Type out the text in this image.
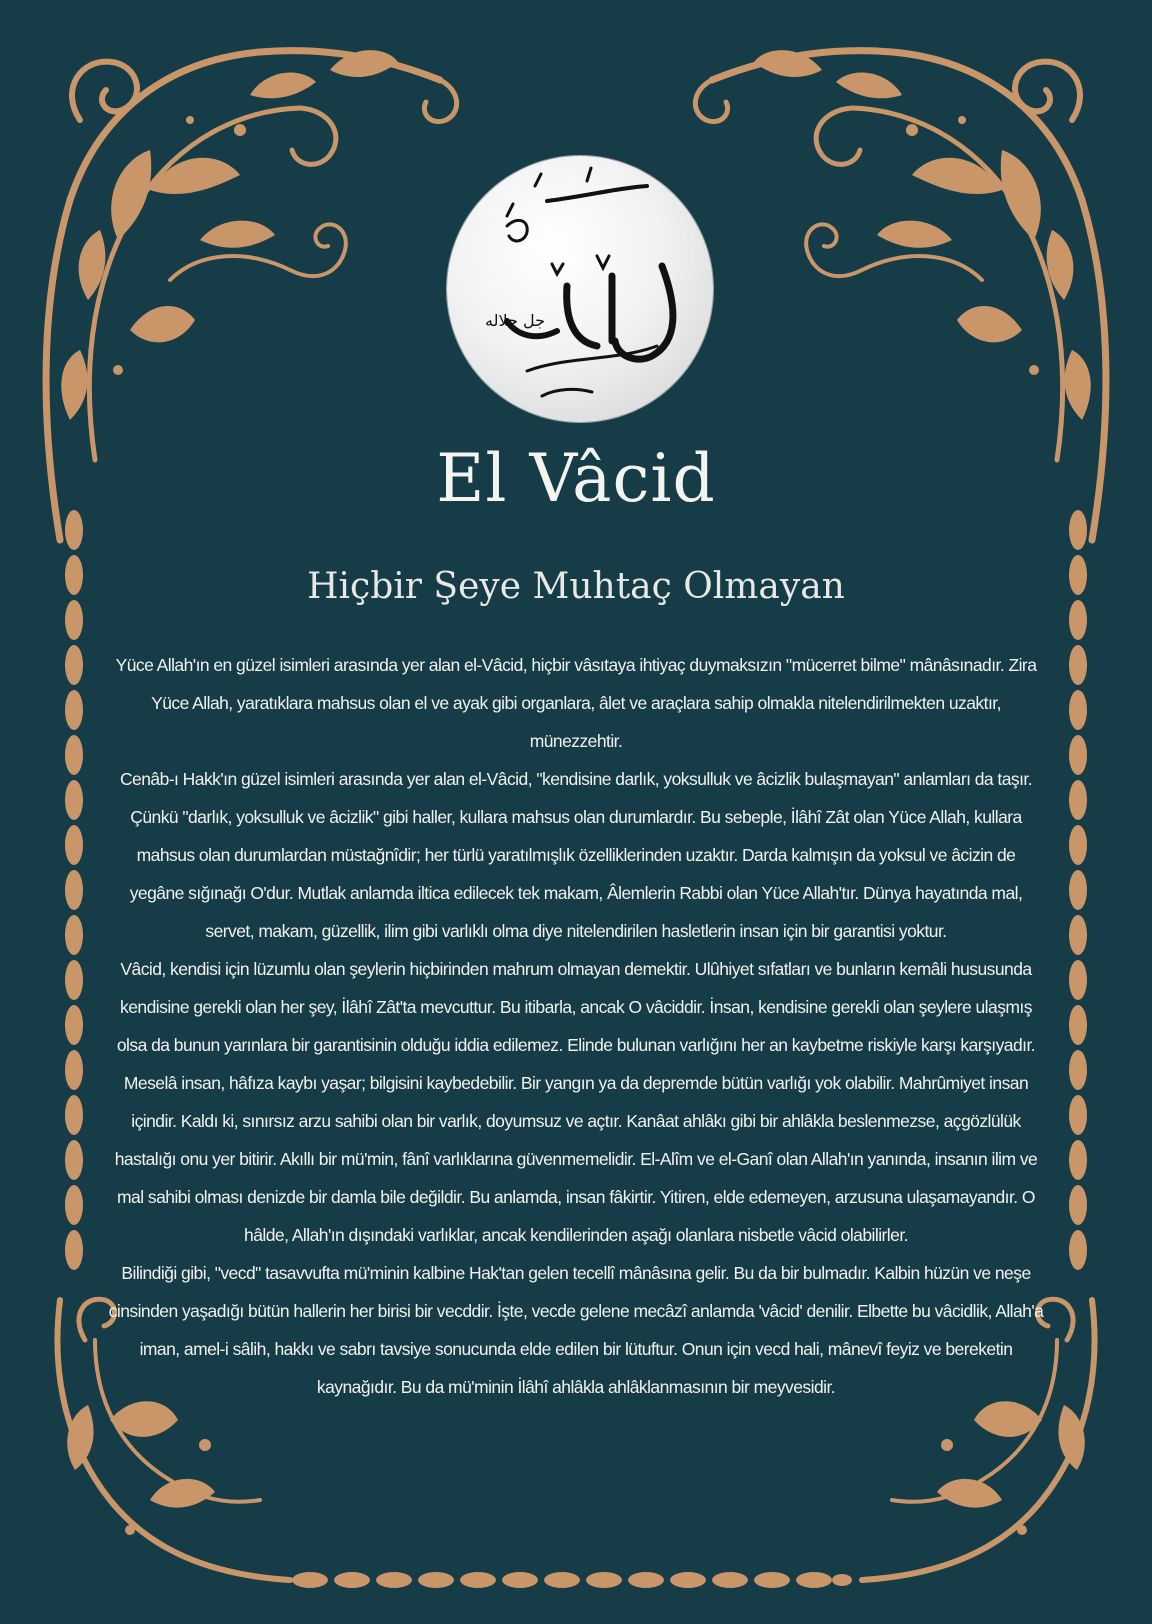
جل جلاله
El Vâcid
Hiçbir Şeye Muhtaç Olmayan

Yüce Allah'ın en güzel isimleri arasında yer alan el-Vâcid, hiçbir vâsıtaya ihtiyaç duymaksızın "mücerret bilme" mânâsınadır. Zira Yüce Allah, yaratıklara mahsus olan el ve ayak gibi organlara, âlet ve araçlara sahip olmakla nitelendirilmekten uzaktır, münezzehtir.

Cenâb-ı Hakk'ın güzel isimleri arasında yer alan el-Vâcid, "kendisine darlık, yoksulluk ve âcizlik bulaşmayan" anlamları da taşır. Çünkü "darlık, yoksulluk ve âcizlik" gibi haller, kullara mahsus olan durumlardır. Bu sebeple, İlâhî Zât olan Yüce Allah, kullara mahsus olan durumlardan müstağnîdir; her türlü yaratılmışlık özelliklerinden uzaktır. Darda kalmışın da yoksul ve âcizin de yegâne sığınağı O'dur. Mutlak anlamda iltica edilecek tek makam, Âlemlerin Rabbi olan Yüce Allah'tır. Dünya hayatında mal, servet, makam, güzellik, ilim gibi varlıklı olma diye nitelendirilen hasletlerin insan için bir garantisi yoktur.

Vâcid, kendisi için lüzumlu olan şeylerin hiçbirinden mahrum olmayan demektir. Ulûhiyet sıfatları ve bunların kemâli hususunda kendisine gerekli olan her şey, İlâhî Zât'ta mevcuttur. Bu itibarla, ancak O vâciddir. İnsan, kendisine gerekli olan şeylere ulaşmış olsa da bunun yarınlara bir garantisinin olduğu iddia edilemez. Elinde bulunan varlığını her an kaybetme riskiyle karşı karşıyadır. Meselâ insan, hâfıza kaybı yaşar; bilgisini kaybedebilir. Bir yangın ya da depremde bütün varlığı yok olabilir. Mahrûmiyet insan içindir. Kaldı ki, sınırsız arzu sahibi olan bir varlık, doyumsuz ve açtır. Kanâat ahlâkı gibi bir ahlâkla beslenmezse, açgözlülük hastalığı onu yer bitirir. Akıllı bir mü'min, fânî varlıklarına güvenmemelidir. El-Alîm ve el-Ganî olan Allah'ın yanında, insanın ilim ve mal sahibi olması denizde bir damla bile değildir. Bu anlamda, insan fâkirtir. Yitiren, elde edemeyen, arzusuna ulaşamayandır. O hâlde, Allah'ın dışındaki varlıklar, ancak kendilerinden aşağı olanlara nisbetle vâcid olabilirler.

Bilindiği gibi, "vecd" tasavvufta mü'minin kalbine Hak'tan gelen tecellî mânâsına gelir. Bu da bir bulmadır. Kalbin hüzün ve neşe cinsinden yaşadığı bütün hallerin her birisi bir vecddir. İşte, vecde gelene mecâzî anlamda 'vâcid' denilir. Elbette bu vâcidlik, Allah'a iman, amel-i sâlih, hakkı ve sabrı tavsiye sonucunda elde edilen bir lütuftur. Onun için vecd hali, mânevî feyiz ve bereketin kaynağıdır. Bu da mü'minin İlâhî ahlâkla ahlâklanmasının bir meyvesidir.
